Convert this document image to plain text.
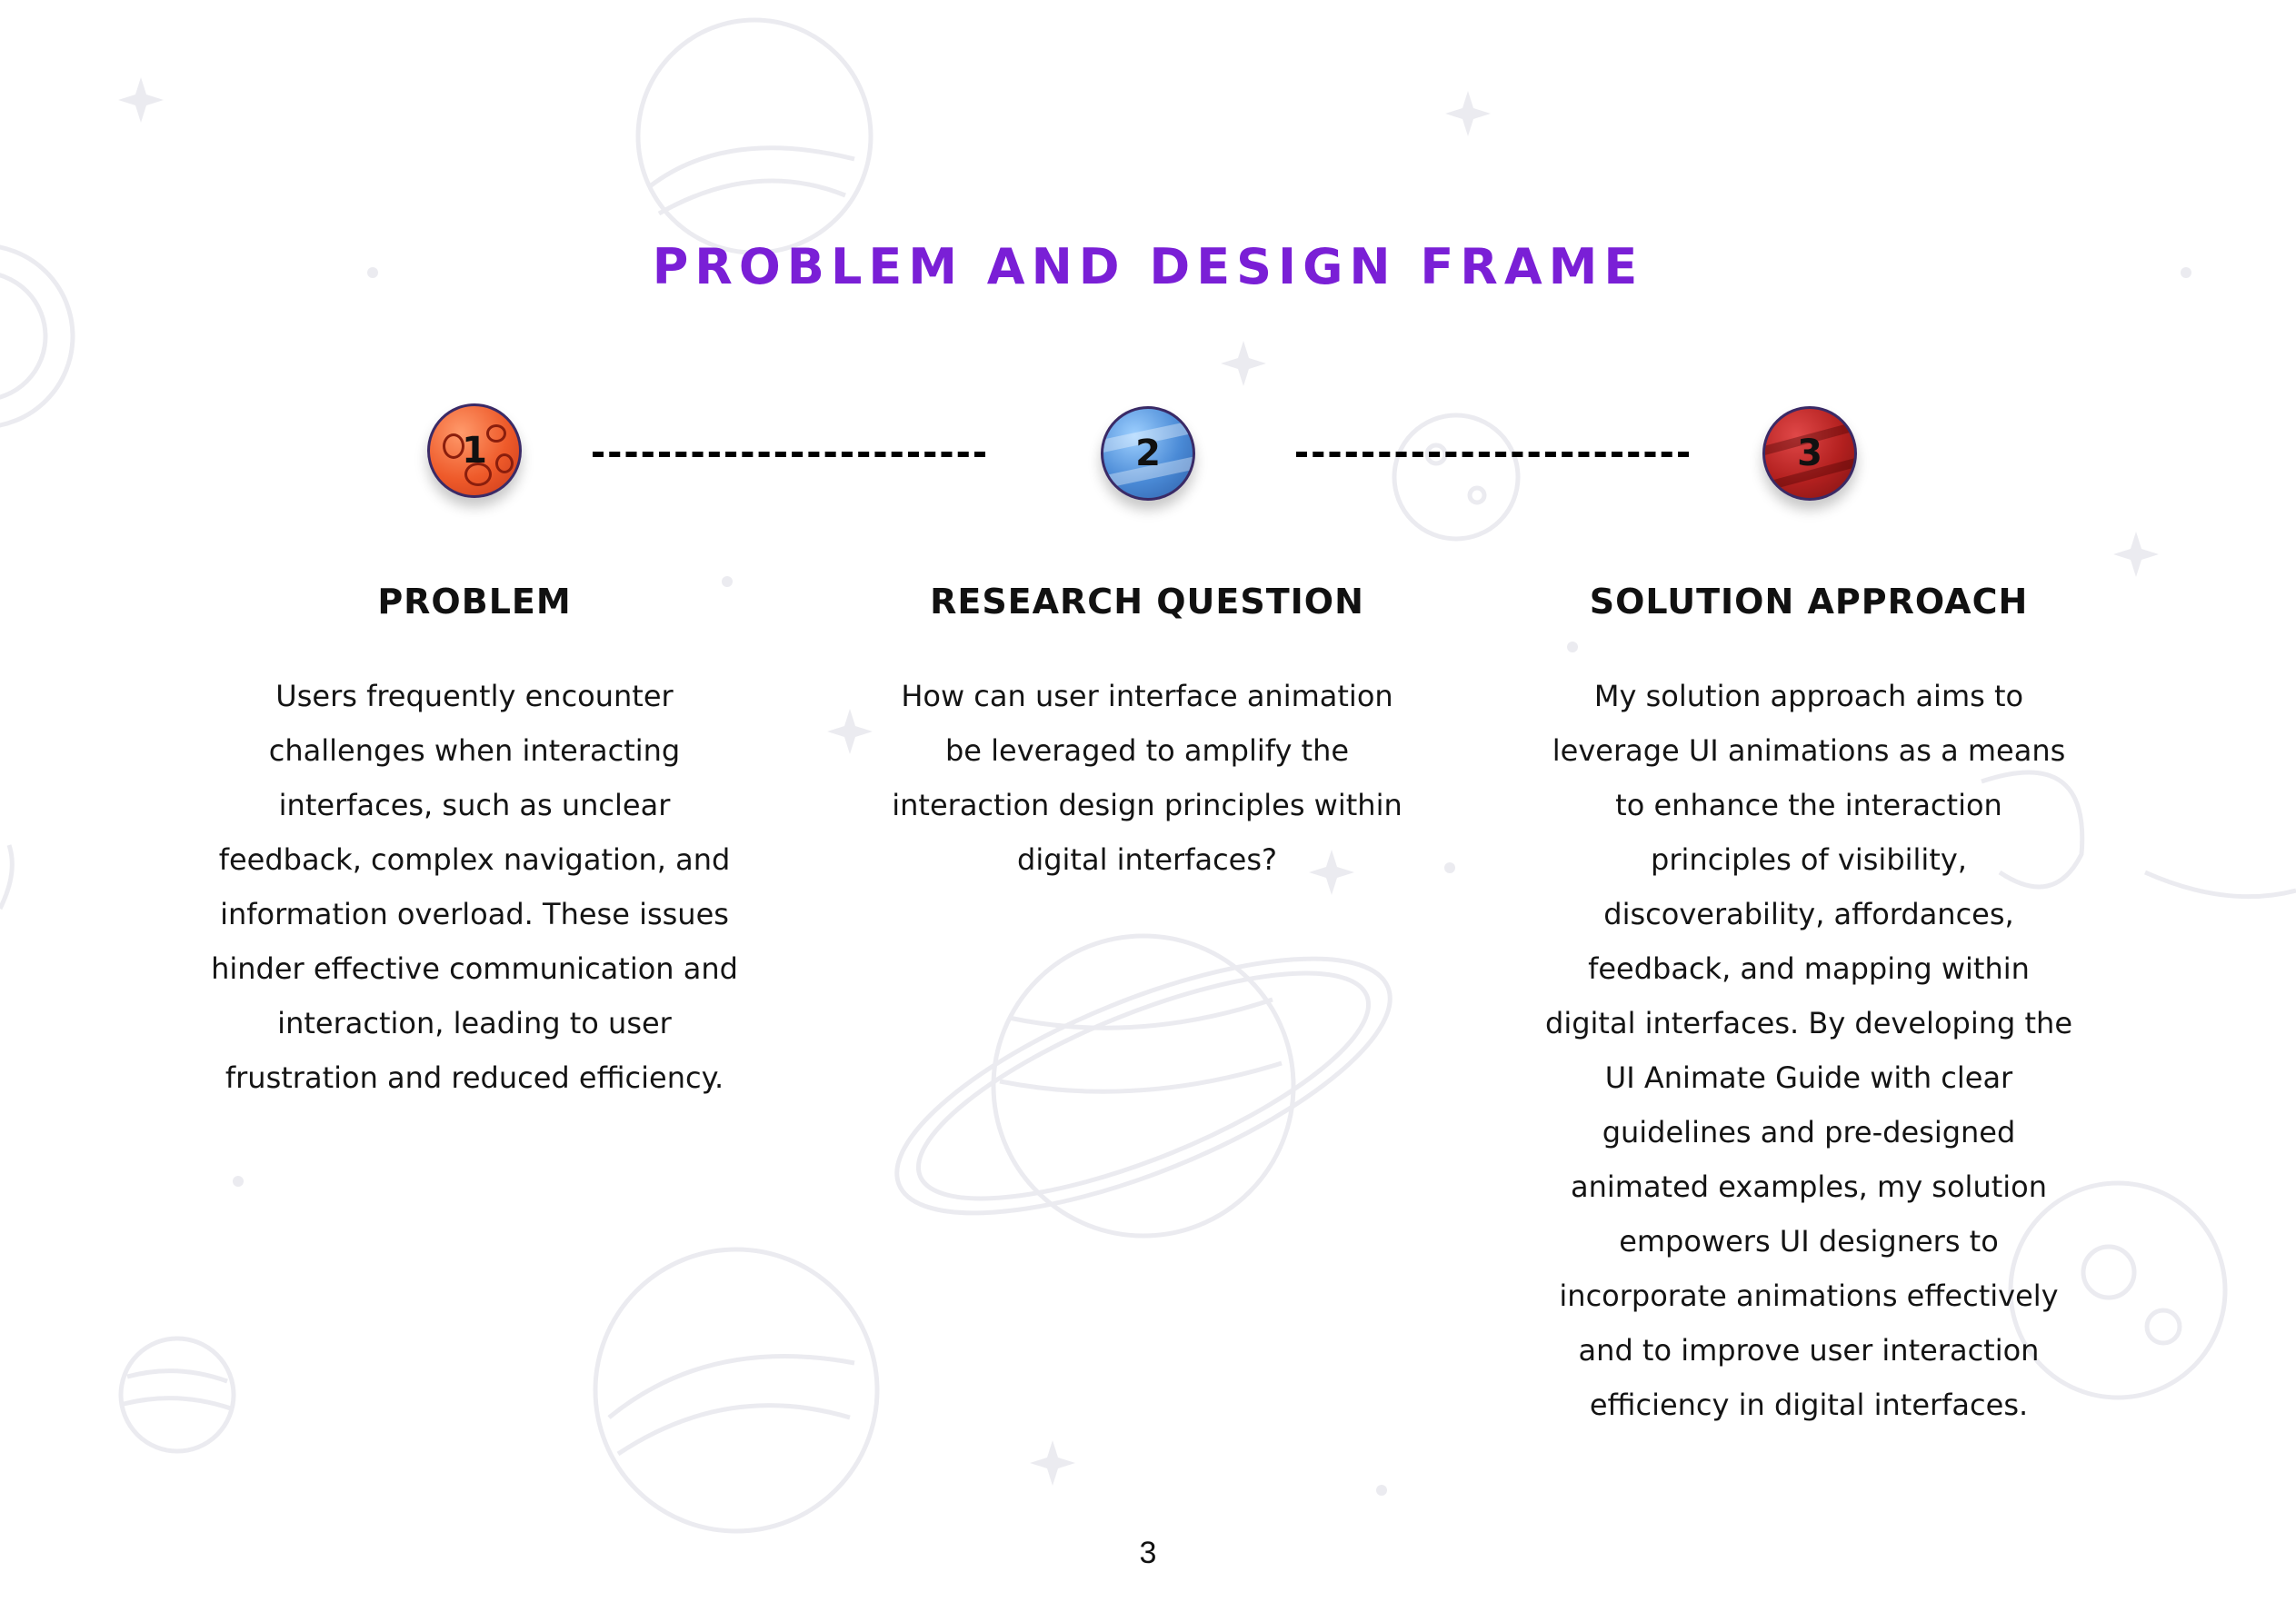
PROBLEM AND DESIGN FRAME
1	2	3
PROBLEM
Users frequently encounter challenges when interacting interfaces, such as unclear feedback, complex navigation, and information overload. These issues hinder effective communication and interaction, leading to user frustration and reduced efficiency.
RESEARCH QUESTION
How can user interface animation be leveraged to amplify the interaction design principles within digital interfaces?
SOLUTION APPROACH
My solution approach aims to leverage UI animations as a means to enhance the interaction principles of visibility, discoverability, affordances, feedback, and mapping within digital interfaces. By developing the UI Animate Guide with clear guidelines and pre-designed animated examples, my solution empowers UI designers to incorporate animations effectively and to improve user interaction efficiency in digital interfaces.
3
